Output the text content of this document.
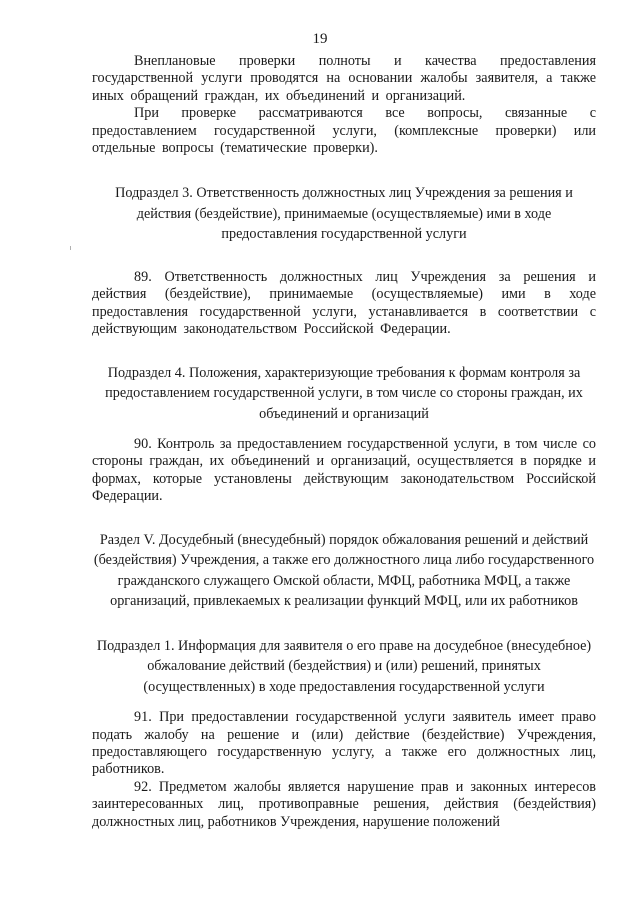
19

Внеплановые проверки полноты и качества предоставления государственной услуги проводятся на основании жалобы заявителя, а также иных обращений граждан, их объединений и организаций.

При проверке рассматриваются все вопросы, связанные с предоставлением государственной услуги, (комплексные проверки) или отдельные вопросы (тематические проверки).

Подраздел 3. Ответственность должностных лиц Учреждения за решения и действия (бездействие), принимаемые (осуществляемые) ими в ходе предоставления государственной услуги

89. Ответственность должностных лиц Учреждения за решения и действия (бездействие), принимаемые (осуществляемые) ими в ходе предоставления государственной услуги, устанавливается в соответствии с действующим законодательством Российской Федерации.

Подраздел 4. Положения, характеризующие требования к формам контроля за предоставлением государственной услуги, в том числе со стороны граждан, их объединений и организаций

90. Контроль за предоставлением государственной услуги, в том числе со стороны граждан, их объединений и организаций, осуществляется в порядке и формах, которые установлены действующим законодательством Российской Федерации.

Раздел V. Досудебный (внесудебный) порядок обжалования решений и действий (бездействия) Учреждения, а также его должностного лица либо государственного гражданского служащего Омской области, МФЦ, работника МФЦ, а также организаций, привлекаемых к реализации функций МФЦ, или их работников

Подраздел 1. Информация для заявителя о его праве на досудебное (внесудебное) обжалование действий (бездействия) и (или) решений, принятых (осуществленных) в ходе предоставления государственной услуги

91. При предоставлении государственной услуги заявитель имеет право подать жалобу на решение и (или) действие (бездействие) Учреждения, предоставляющего государственную услугу, а также его должностных лиц, работников.

92. Предметом жалобы является нарушение прав и законных интересов заинтересованных лиц, противоправные решения, действия (бездействия) должностных лиц, работников Учреждения, нарушение положений
